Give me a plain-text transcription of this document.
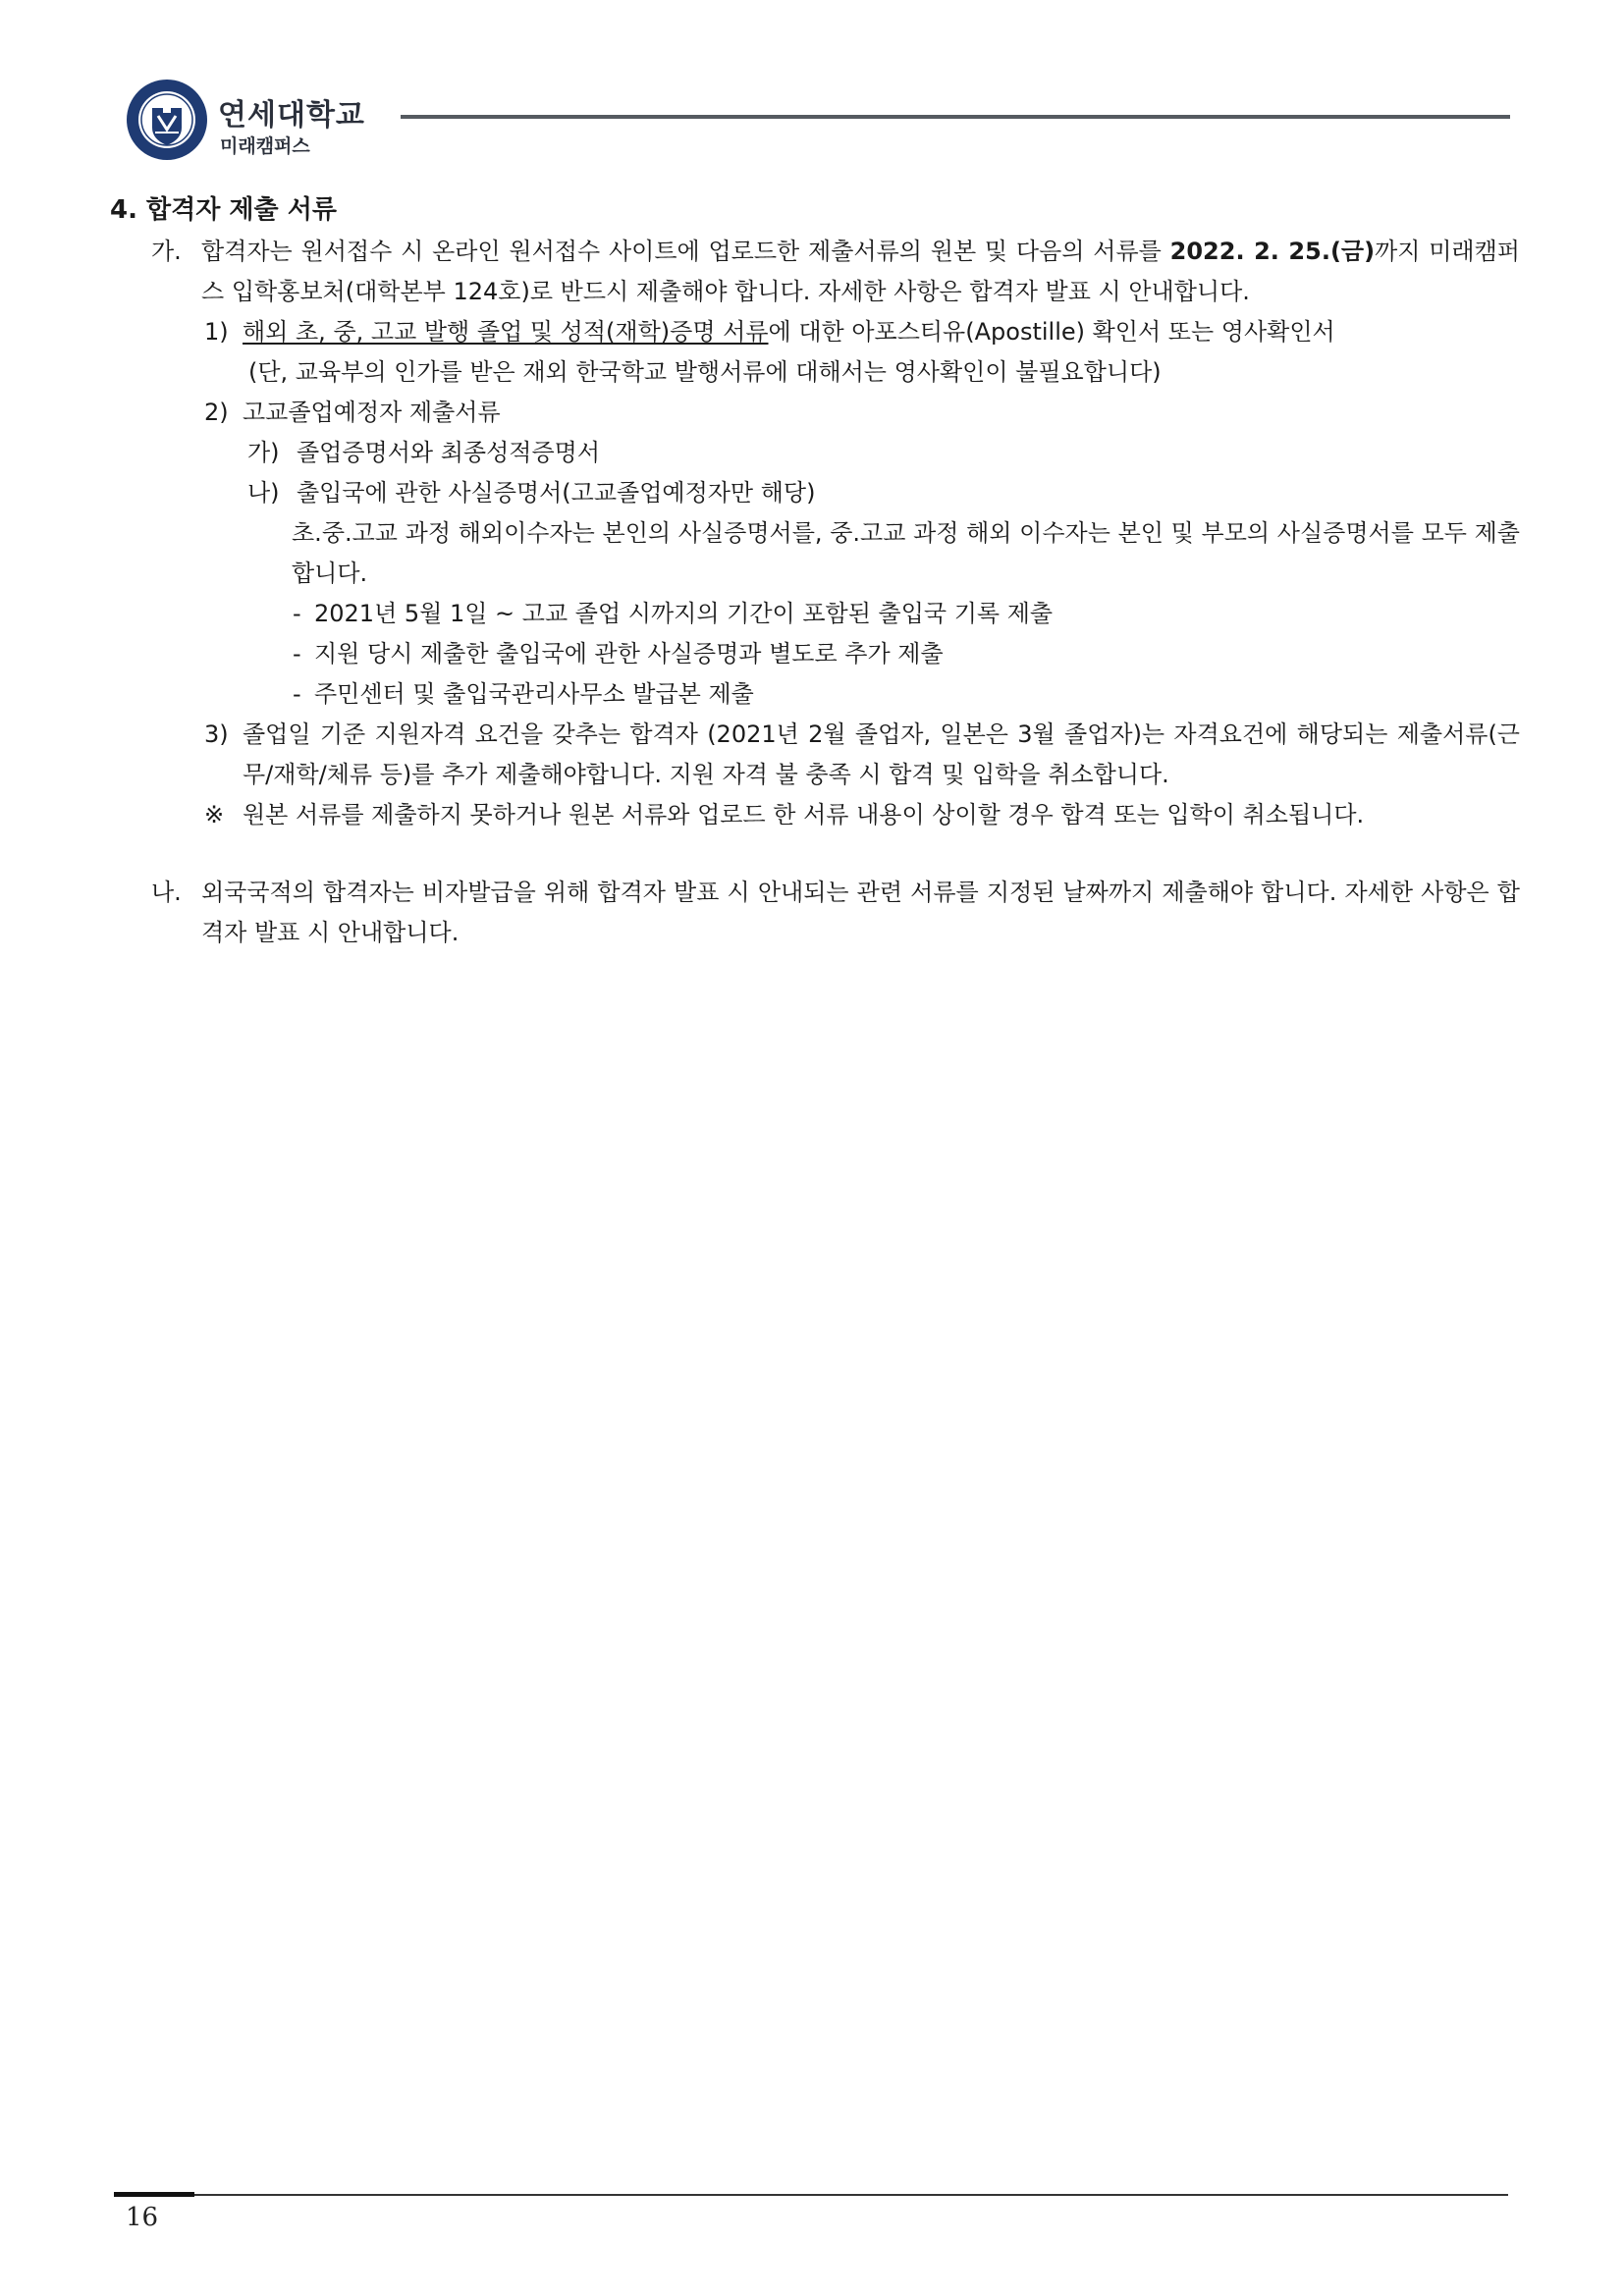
연세대학교
미래캠퍼스
4. 합격자 제출 서류
가. 합격자는 원서접수 시 온라인 원서접수 사이트에 업로드한 제출서류의 원본 및 다음의 서류를 2022. 2. 25.(금)까지 미래캠퍼스 입학홍보처(대학본부 124호)로 반드시 제출해야 합니다. 자세한 사항은 합격자 발표 시 안내합니다.
1) 해외 초, 중, 고교 발행 졸업 및 성적(재학)증명 서류에 대한 아포스티유(Apostille) 확인서 또는 영사확인서
(단, 교육부의 인가를 받은 재외 한국학교 발행서류에 대해서는 영사확인이 불필요합니다)
2) 고교졸업예정자 제출서류
가) 졸업증명서와 최종성적증명서
나) 출입국에 관한 사실증명서(고교졸업예정자만 해당)
초.중.고교 과정 해외이수자는 본인의 사실증명서를, 중.고교 과정 해외 이수자는 본인 및 부모의 사실증명서를 모두 제출합니다.
- 2021년 5월 1일 ~ 고교 졸업 시까지의 기간이 포함된 출입국 기록 제출
- 지원 당시 제출한 출입국에 관한 사실증명과 별도로 추가 제출
- 주민센터 및 출입국관리사무소 발급본 제출
3) 졸업일 기준 지원자격 요건을 갖추는 합격자 (2021년 2월 졸업자, 일본은 3월 졸업자)는 자격요건에 해당되는 제출서류(근무/재학/체류 등)를 추가 제출해야합니다. 지원 자격 불 충족 시 합격 및 입학을 취소합니다.
※ 원본 서류를 제출하지 못하거나 원본 서류와 업로드 한 서류 내용이 상이할 경우 합격 또는 입학이 취소됩니다.
나. 외국국적의 합격자는 비자발급을 위해 합격자 발표 시 안내되는 관련 서류를 지정된 날짜까지 제출해야 합니다. 자세한 사항은 합격자 발표 시 안내합니다.
16
